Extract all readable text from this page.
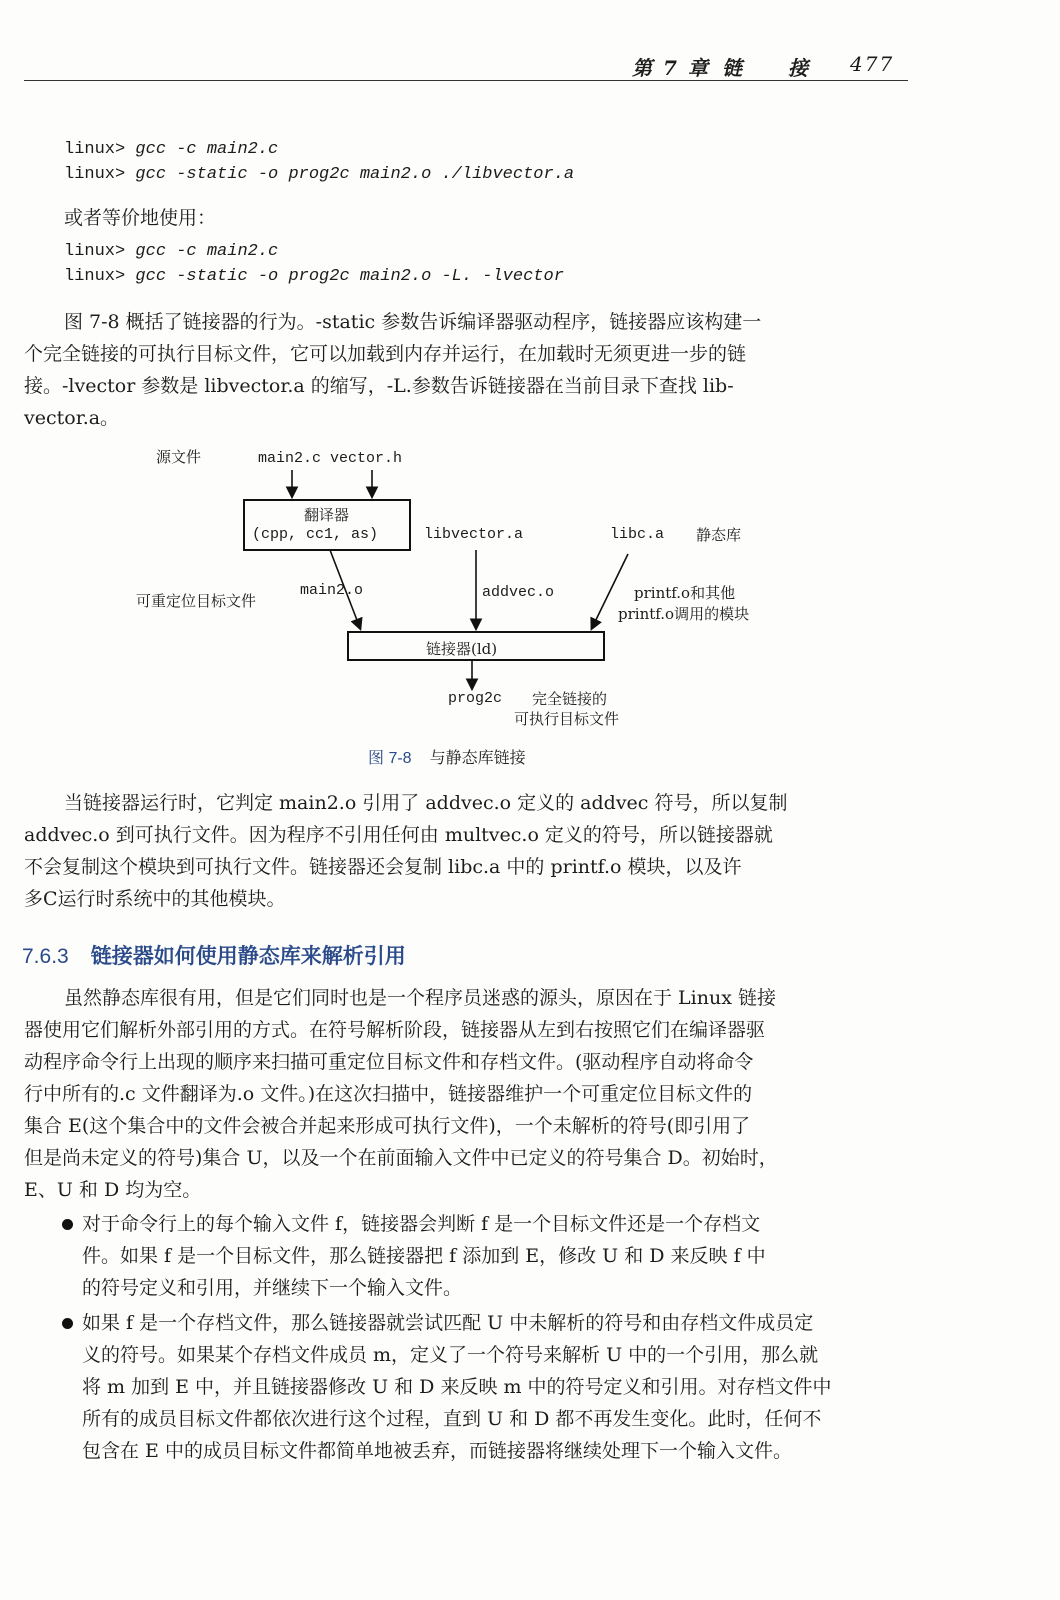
第 7 章 链 接 477
linux> gcc -c main2.c
linux> gcc -static -o prog2c main2.o ./libvector.a
或者等价地使用：
linux> gcc -c main2.c
linux> gcc -static -o prog2c main2.o -L. -lvector
图 7-8 概括了链接器的行为。-static 参数告诉编译器驱动程序，链接器应该构建一
个完全链接的可执行目标文件，它可以加载到内存并运行，在加载时无须更进一步的链
接。-lvector 参数是 libvector.a 的缩写，-L.参数告诉链接器在当前目录下查找 lib-
vector.a。
源文件	main2.c vector.h
翻译器
(cpp, cc1, as)	libvector.a	libc.a 静态库
可重定位目标文件
main2.o	addvec.o	printf.o和其他
printf.o调用的模块
链接器(ld)
prog2c 完全链接的
可执行目标文件
图 7-8 与静态库链接
当链接器运行时，它判定 main2.o 引用了 addvec.o 定义的 addvec 符号，所以复制
addvec.o 到可执行文件。因为程序不引用任何由 multvec.o 定义的符号，所以链接器就
不会复制这个模块到可执行文件。链接器还会复制 libc.a 中的 printf.o 模块，以及许
多C运行时系统中的其他模块。
7.6.3 链接器如何使用静态库来解析引用
虽然静态库很有用，但是它们同时也是一个程序员迷惑的源头，原因在于 Linux 链接
器使用它们解析外部引用的方式。在符号解析阶段，链接器从左到右按照它们在编译器驱
动程序命令行上出现的顺序来扫描可重定位目标文件和存档文件。(驱动程序自动将命令
行中所有的.c 文件翻译为.o 文件。)在这次扫描中，链接器维护一个可重定位目标文件的
集合 E(这个集合中的文件会被合并起来形成可执行文件)，一个未解析的符号(即引用了
但是尚未定义的符号)集合 U，以及一个在前面输入文件中已定义的符号集合 D。初始时，
E、U 和 D 均为空。
对于命令行上的每个输入文件 f，链接器会判断 f 是一个目标文件还是一个存档文
件。如果 f 是一个目标文件，那么链接器把 f 添加到 E，修改 U 和 D 来反映 f 中
的符号定义和引用，并继续下一个输入文件。
如果 f 是一个存档文件，那么链接器就尝试匹配 U 中未解析的符号和由存档文件成员定
义的符号。如果某个存档文件成员 m，定义了一个符号来解析 U 中的一个引用，那么就
将 m 加到 E 中，并且链接器修改 U 和 D 来反映 m 中的符号定义和引用。对存档文件中
所有的成员目标文件都依次进行这个过程，直到 U 和 D 都不再发生变化。此时，任何不
包含在 E 中的成员目标文件都简单地被丢弃，而链接器将继续处理下一个输入文件。
